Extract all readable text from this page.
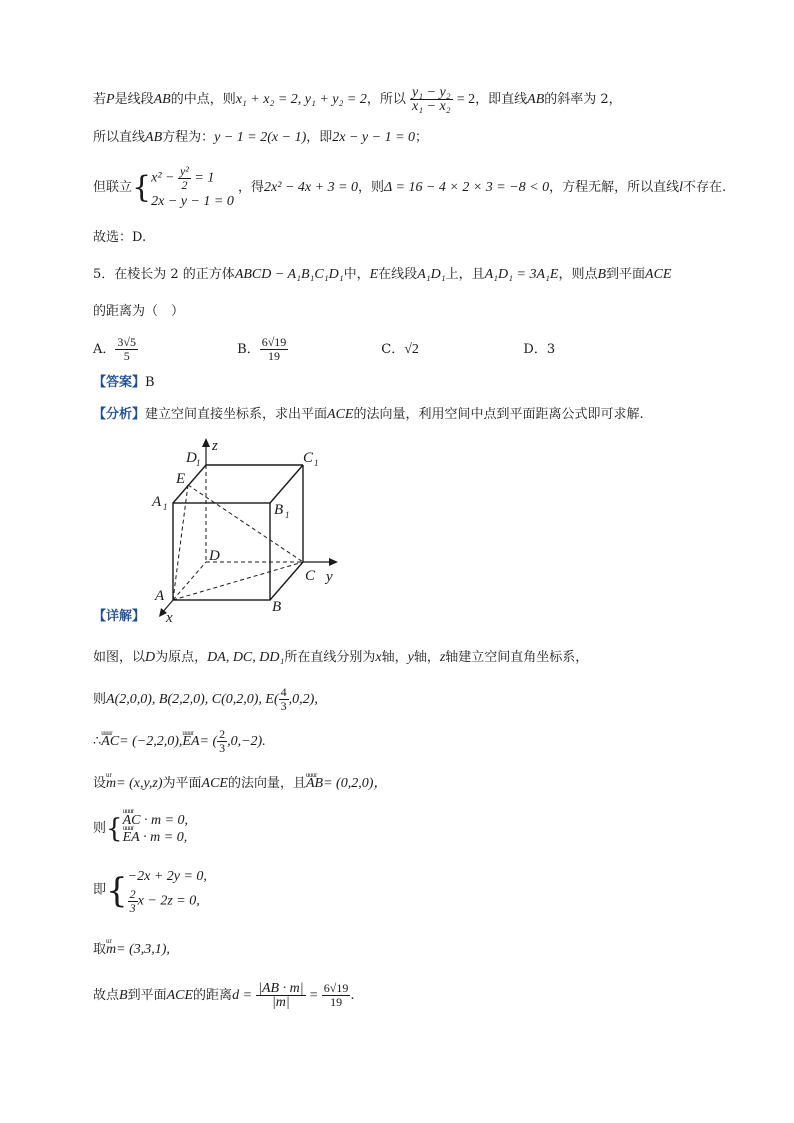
若P是线段AB的中点，则x₁ + x₂ = 2, y₁ + y₂ = 2，所以 $\frac{\text{y₁ − y₂}}{\text{x₁ − x₂}} = 2$，即直线AB的斜率为 2，
所以直线AB方程为：y − 1 = 2(x − 1)，即2x − y − 1 = 0；
但联立{ $x^2 - \frac{\text{y²}}{2} = 1$
2x − y − 1 = 0
，得2x² − 4x + 3 = 0，则Δ = 16 − 4 × 2 × 3 = −8 < 0，方程无解，所以直线l不存在.
故选：D.
5．在棱长为 2 的正方体ABCD − A₁B₁C₁D₁中，E在线段A₁D₁上，且A₁D₁ = 3A₁E，则点B到平面ACE
的距离为（　）
A． $\frac{3√5}{5}$	B． $\frac{6√19}{19}$	C．√2	D．3
【答案】B
【分析】建立空间直接坐标系，求出平面ACE的法向量，利用空间中点到平面距离公式即可求解.
z
D 1	C 1
E
A 1	B 1
D
C y
A
B
x
【详解】
如图，以D为原点，DA, DC, DD₁所在直线分别为x轴，y轴，z轴建立空间直角坐标系，
则A(2,0,0), B(2,2,0), C(0,2,0), $E( \frac{4}{3} ,0,2)$,
∴uuur AC= (−2,2,0),uuur EA= ( $\frac{2}{3} ,0,-2$).
设ur m= (x,y,z)为平面ACE的法向量，且uuur AB= (0,2,0)，
则{
uuur AC · m = 0,
uuur EA · m = 0,
即{ −2x + 2y = 0,
$\frac{2}{3}$ x − 2z = 0,
取ur m= (3,3,1),
故点B到平面ACE的距离$d = \frac{|AB \cdot m|}{|m|} = \frac{6√19}{19}$ .
